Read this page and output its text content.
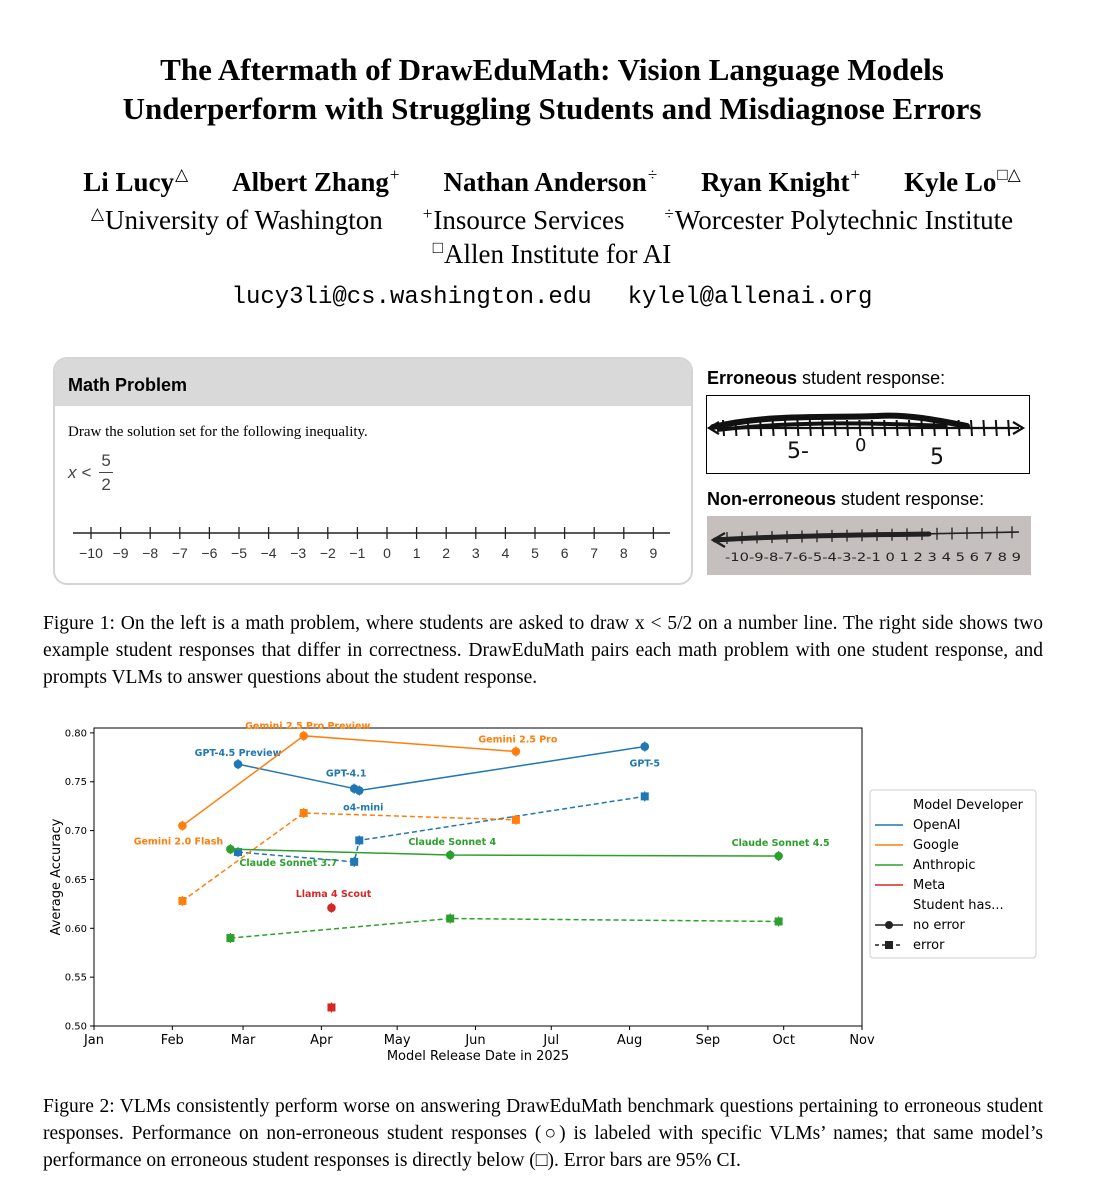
The Aftermath of DrawEduMath: Vision Language Models
Underperform with Struggling Students and Misdiagnose Errors
Li Lucy△ Albert Zhang+ Nathan Anderson÷ Ryan Knight+ Kyle Lo□△
△University of Washington +Insource Services ÷Worcester Polytechnic Institute
□Allen Institute for AI
lucy3li@cs.washington.edu kylel@allenai.org
Math Problem
Draw the solution set for the following inequality.
$x < \frac{5}{2}$
−10 −9 −8 −7 −6 −5 −4 −3 −2 −1 0 1 2 3 4 5 6 7 8 9
Erroneous student response:
5-	0	5
Non-erroneous student response:
-10-9-8-7-6-5-4-3-2-1 0 1 2 3 4 5 6 7 8 9
Figure 1: On the left is a math problem, where students are asked to draw x < 5/2 on a number line. The right side shows two example student responses that differ in correctness. DrawEduMath pairs each math problem with one student response, and prompts VLMs to answer questions about the student response.
Jan	Feb	Mar	Apr	May	Jun	Jul	Aug	Sep	Oct	Nov
0.50
0.55
0.60
0.65
0.70
0.75
0.80
GPT-4.5 Preview
GPT-4.1
o4-mini
GPT-5
Gemini 2.0 Flash
Gemini 2.5 Pro Preview
Gemini 2.5 Pro
Claude Sonnet 3.7
Claude Sonnet 4	Claude Sonnet 4.5
Llama 4 Scout
Model Developer
OpenAI
Google
Anthropic
Meta
Student has...
no error
error
Model Release Date in 2025
Average Accuracy
Figure 2: VLMs consistently perform worse on answering DrawEduMath benchmark questions pertaining to erroneous student responses. Performance on non-erroneous student responses (○) is labeled with specific VLMs’ names; that same model’s performance on erroneous student responses is directly below (□). Error bars are 95% CI.
